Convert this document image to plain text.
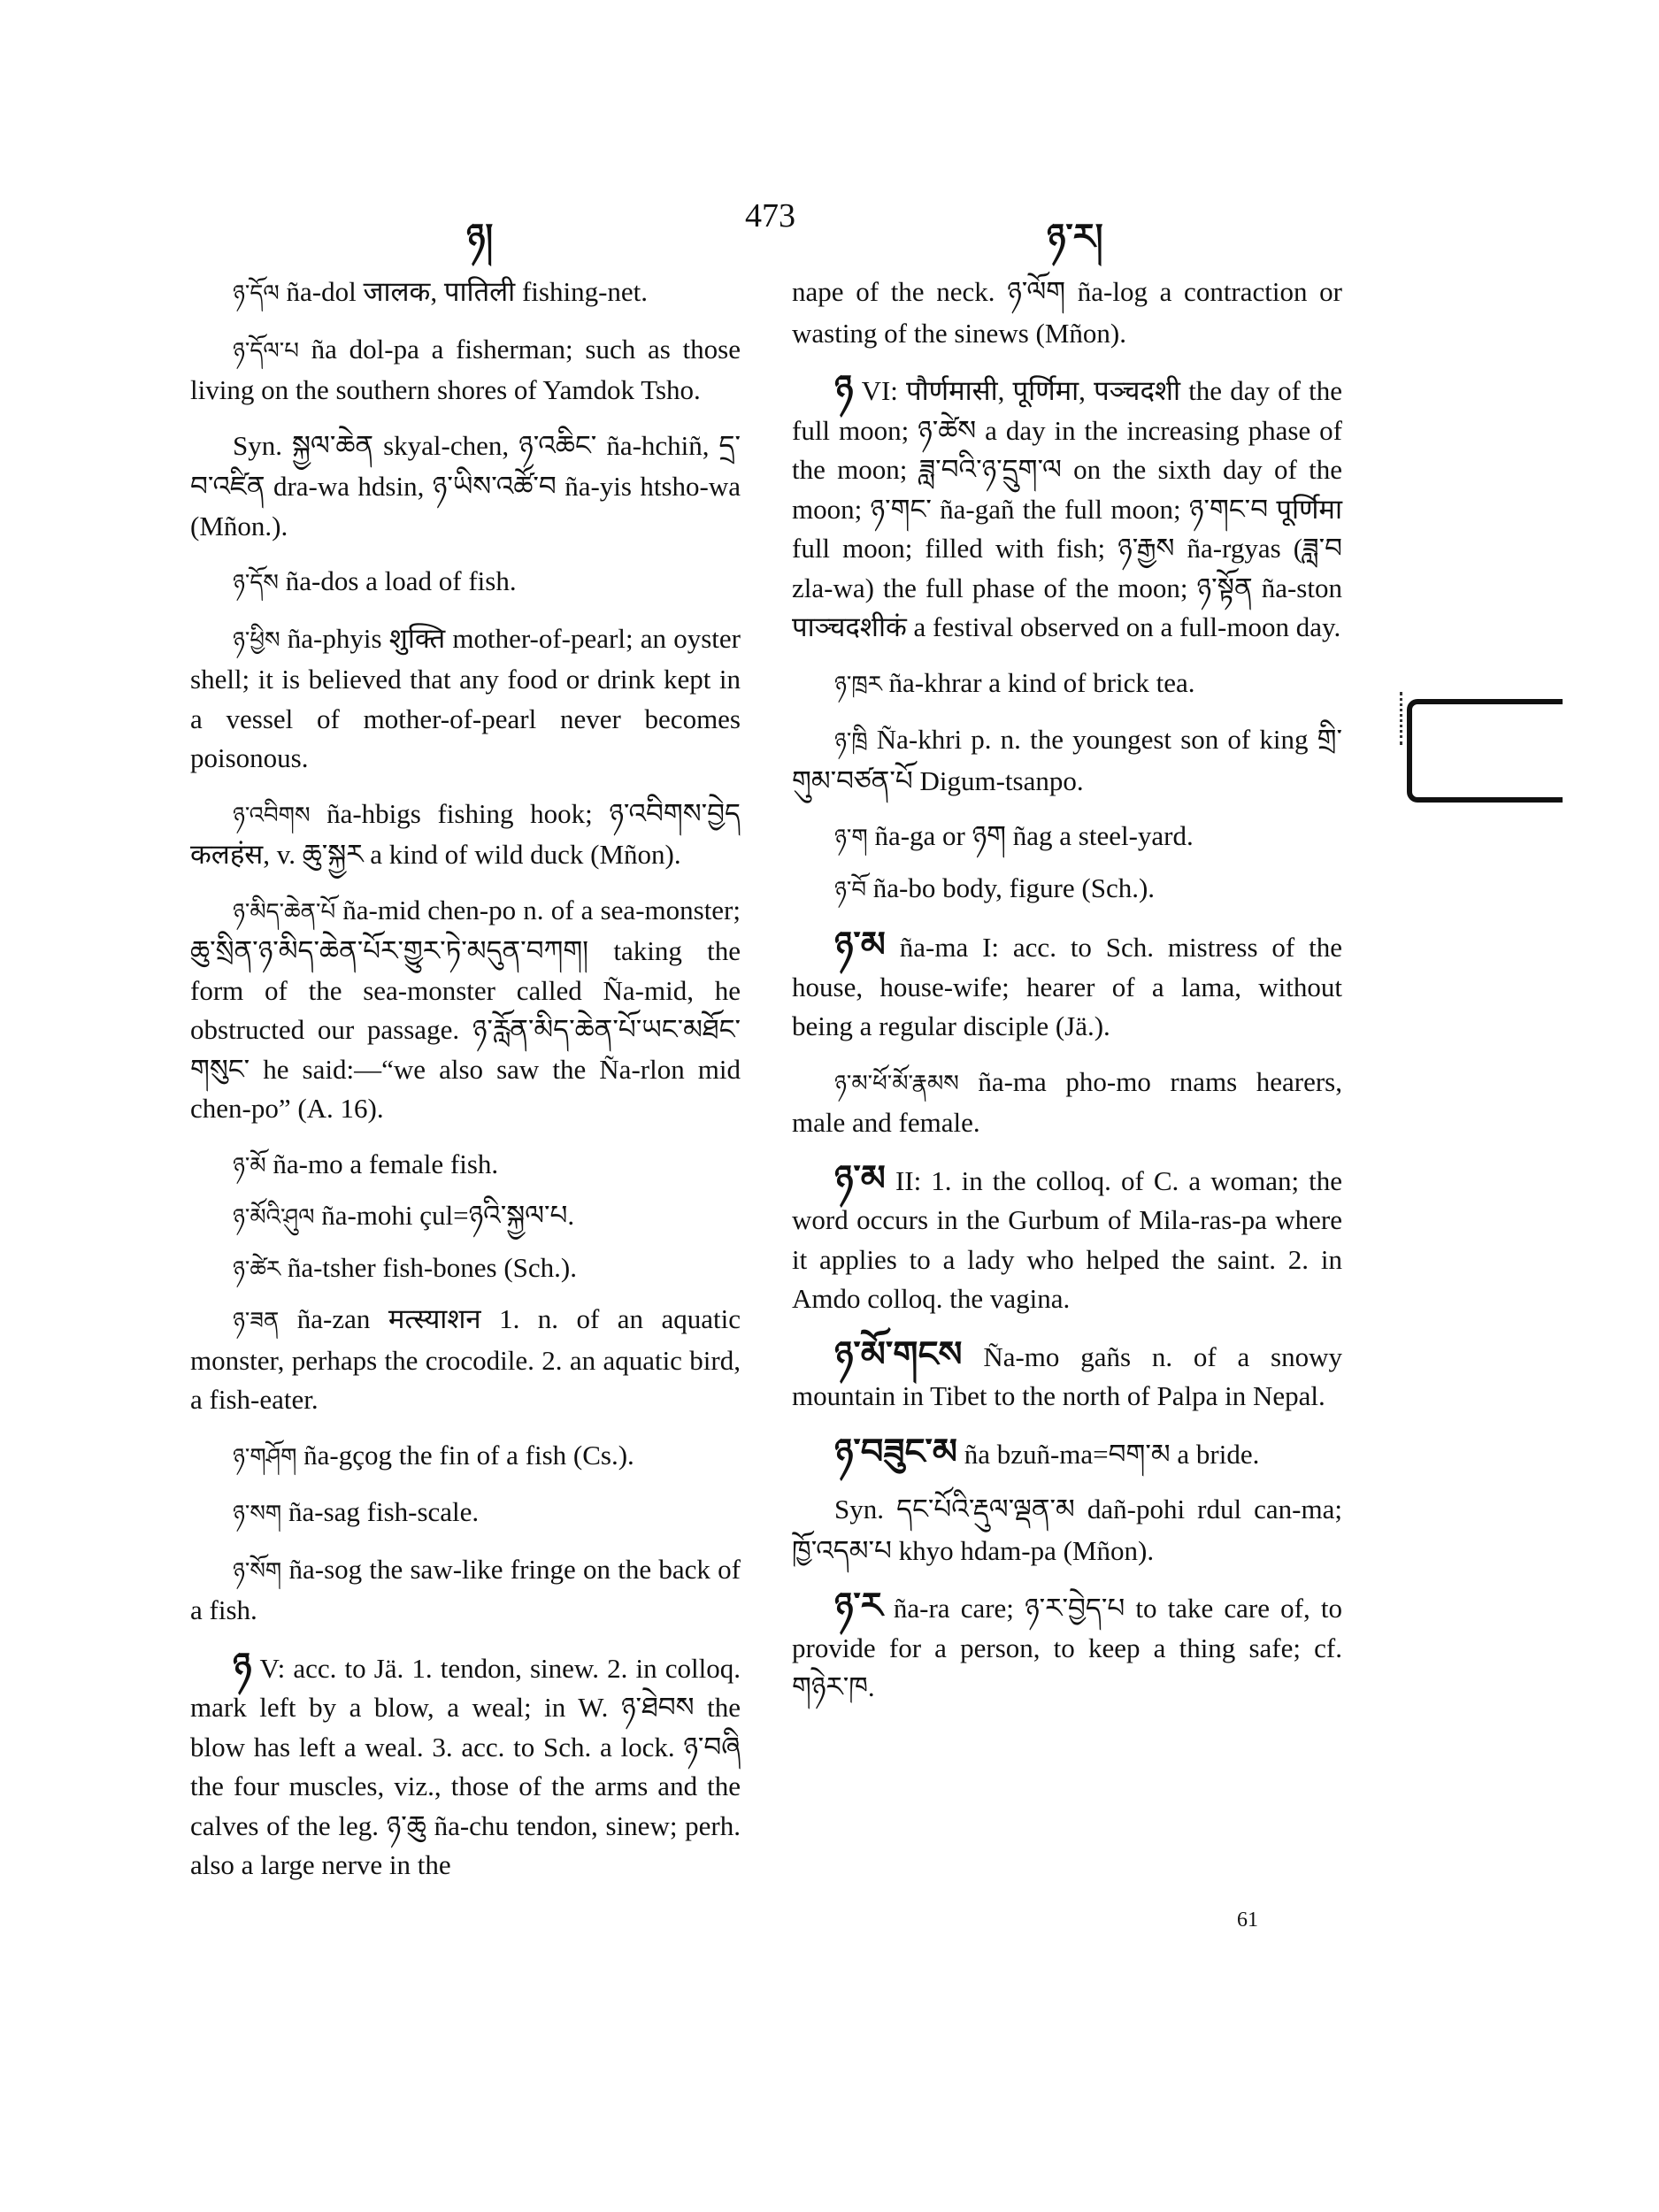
ཉ།
473
ཉ་ར།

ཉ་དོལ ña-dol जालक, पातिली fishing-net.

ཉ་དོལ་པ ña dol-pa a fisherman; such as those living on the southern shores of Yamdok Tsho.

Syn. སྐྱལ་ཆེན skyal-chen, ཉ་འཆིང་ ña-hchiñ, དྲ་བ་འཛིན dra-wa hdsin, ཉ་ཡིས་འཚོ་བ ña-yis htsho-wa (Mñon.).

ཉ་དོས ña-dos a load of fish.

ཉ་ཕྱིས ña-phyis शुक्ति mother-of-pearl; an oyster shell; it is believed that any food or drink kept in a vessel of mother-of-pearl never becomes poisonous.

ཉ་འབིགས ña-hbigs fishing hook; ཉ་འབིགས་བྱེད कलहंस, v. ཆུ་སྐྱར a kind of wild duck (Mñon).

ཉ་མིད་ཆེན་པོ ña-mid chen-po n. of a sea-monster; ཆུ་སྲིན་ཉ་མིད་ཆེན་པོར་གྱུར་ཏེ་མདུན་བཀག། taking the form of the sea-monster called Ña-mid, he obstructed our passage. ཉ་རློན་མིད་ཆེན་པོ་ཡང་མཐོང་གསུང་ he said:—“we also saw the Ña-rlon mid chen-po” (A. 16).

ཉ་མོ ña-mo a female fish.

ཉ་མོའི་ཤུལ ña-mohi çul=ཉའི་སྐྱལ་པ.

ཉ་ཚེར ña-tsher fish-bones (Sch.).

ཉ་ཟན ña-zan मत्स्याशन 1. n. of an aquatic monster, perhaps the crocodile. 2. an aquatic bird, a fish-eater.

ཉ་གཤོག ña-gçog the fin of a fish (Cs.).

ཉ་སག ña-sag fish-scale.

ཉ་སོག ña-sog the saw-like fringe on the back of a fish.

ཉ V: acc. to Jä. 1. tendon, sinew. 2. in colloq. mark left by a blow, a weal; in W. ཉ་ཐེབས the blow has left a weal. 3. acc. to Sch. a lock. ཉ་བཞི the four muscles, viz., those of the arms and the calves of the leg. ཉ་ཆུ ña-chu tendon, sinew; perh. also a large nerve in the

nape of the neck. ཉ་ལོག ña-log a contraction or wasting of the sinews (Mñon).

ཉ VI: पौर्णमासी, पूर्णिमा, पञ्चदशी the day of the full moon; ཉ་ཚེས a day in the increasing phase of the moon; ཟླ་བའི་ཉ་དྲུག་ལ on the sixth day of the moon; ཉ་གང་ ña-gañ the full moon; ཉ་གང་བ पूर्णिमा full moon; filled with fish; ཉ་རྒྱས ña-rgyas (ཟླ་བ zla-wa) the full phase of the moon; ཉ་སྟོན ña-ston पाञ्चदशीकं a festival observed on a full-moon day.

ཉ་ཁྲར ña-khrar a kind of brick tea.

ཉ་ཁྲི Ña-khri p. n. the youngest son of king གྲི་གུམ་བཙན་པོ Digum-tsanpo.

ཉ་ག ña-ga or ཉག ñag a steel-yard.

ཉ་བོ ña-bo body, figure (Sch.).

ཉ་མ ña-ma I: acc. to Sch. mistress of the house, house-wife; hearer of a lama, without being a regular disciple (Jä.).

ཉ་མ་ཕོ་མོ་རྣམས ña-ma pho-mo rnams hearers, male and female.

ཉ་མ II: 1. in the colloq. of C. a woman; the word occurs in the Gurbum of Mila-ras-pa where it applies to a lady who helped the saint. 2. in Amdo colloq. the vagina.

ཉ་མོ་གངས Ña-mo gañs n. of a snowy mountain in Tibet to the north of Palpa in Nepal.

ཉ་བཟུང་མ ña bzuñ-ma=བག་མ a bride.

Syn. དང་པོའི་རྡུལ་ལྡན་མ dañ-pohi rdul can-ma; ཁྱོ་འདམ་པ khyo hdam-pa (Mñon).

ཉ་ར ña-ra care; ཉ་ར་བྱེད་པ to take care of, to provide for a person, to keep a thing safe; cf. གཉེར་ཁ.

61
